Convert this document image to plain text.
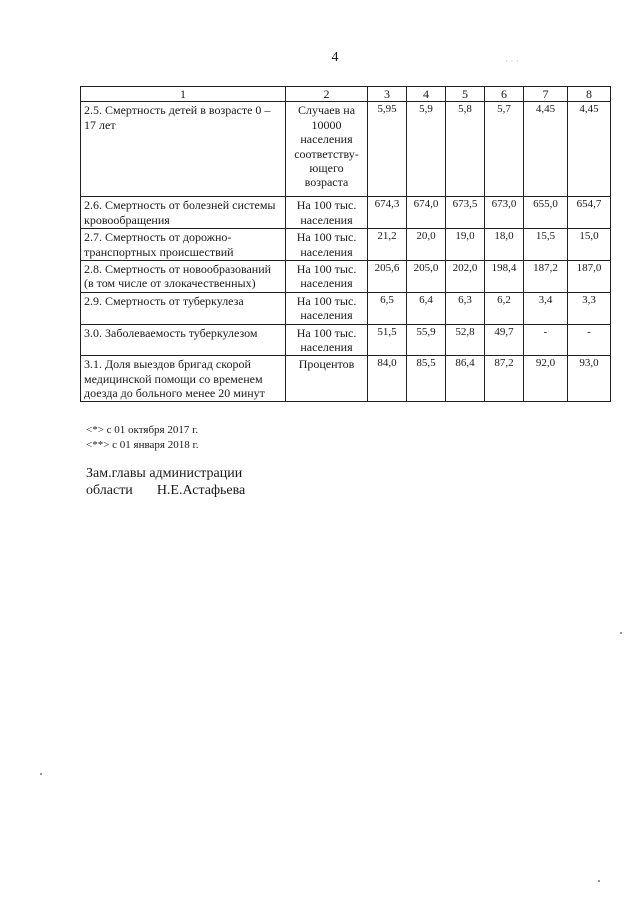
4	· · ·
1	2	3	4	5	6	7	8
2.5. Смертность детей в возрасте 0 – 17 лет	Случаев на 10000 населения соответству-ющего возраста	5,95	5,9	5,8	5,7	4,45	4,45
2.6. Смертность от болезней системы кровообращения	На 100 тыс. населения	674,3	674,0	673,5	673,0	655,0	654,7
2.7. Смертность от дорожно-транспортных происшествий	На 100 тыс. населения	21,2	20,0	19,0	18,0	15,5	15,0
2.8. Смертность от новообразований (в том числе от злокачественных)	На 100 тыс. населения	205,6	205,0	202,0	198,4	187,2	187,0
2.9. Смертность от туберкулеза	На 100 тыс. населения	6,5	6,4	6,3	6,2	3,4	3,3
3.0. Заболеваемость туберкулезом	На 100 тыс. населения	51,5	55,9	52,8	49,7	-	-
3.1. Доля выездов бригад скорой медицинской помощи со временем доезда до больного менее 20 минут	Процентов	84,0	85,5	86,4	87,2	92,0	93,0
<*> с 01 октября 2017 г.
<**> с 01 января 2018 г.
Зам.главы администрации
области Н.Е.Астафьева
